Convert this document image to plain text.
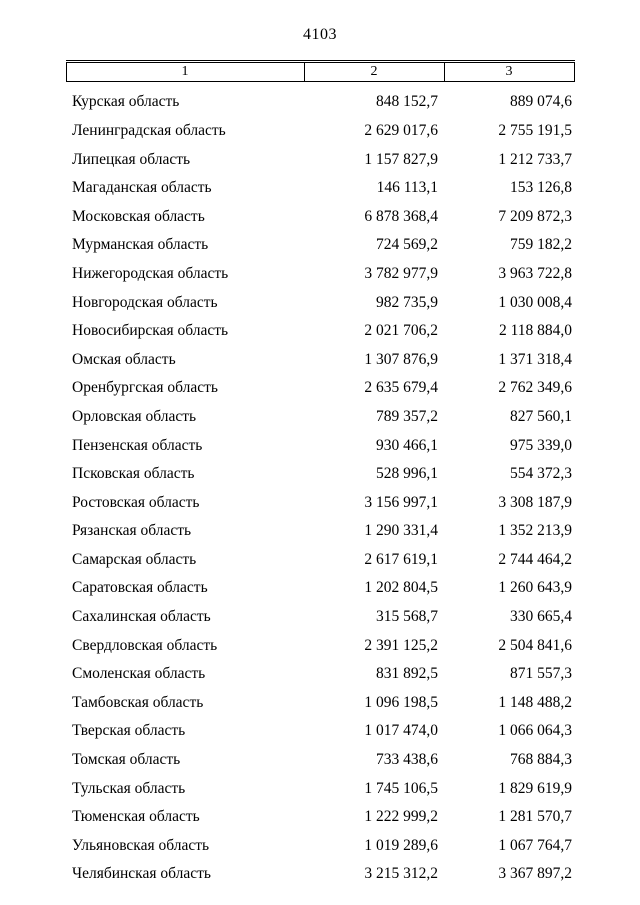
4103
1	2	3
Курская область	848 152,7	889 074,6
Ленинградская область	2 629 017,6	2 755 191,5
Липецкая область	1 157 827,9	1 212 733,7
Магаданская область	146 113,1	153 126,8
Московская область	6 878 368,4	7 209 872,3
Мурманская область	724 569,2	759 182,2
Нижегородская область	3 782 977,9	3 963 722,8
Новгородская область	982 735,9	1 030 008,4
Новосибирская область	2 021 706,2	2 118 884,0
Омская область	1 307 876,9	1 371 318,4
Оренбургская область	2 635 679,4	2 762 349,6
Орловская область	789 357,2	827 560,1
Пензенская область	930 466,1	975 339,0
Псковская область	528 996,1	554 372,3
Ростовская область	3 156 997,1	3 308 187,9
Рязанская область	1 290 331,4	1 352 213,9
Самарская область	2 617 619,1	2 744 464,2
Саратовская область	1 202 804,5	1 260 643,9
Сахалинская область	315 568,7	330 665,4
Свердловская область	2 391 125,2	2 504 841,6
Смоленская область	831 892,5	871 557,3
Тамбовская область	1 096 198,5	1 148 488,2
Тверская область	1 017 474,0	1 066 064,3
Томская область	733 438,6	768 884,3
Тульская область	1 745 106,5	1 829 619,9
Тюменская область	1 222 999,2	1 281 570,7
Ульяновская область	1 019 289,6	1 067 764,7
Челябинская область	3 215 312,2	3 367 897,2
